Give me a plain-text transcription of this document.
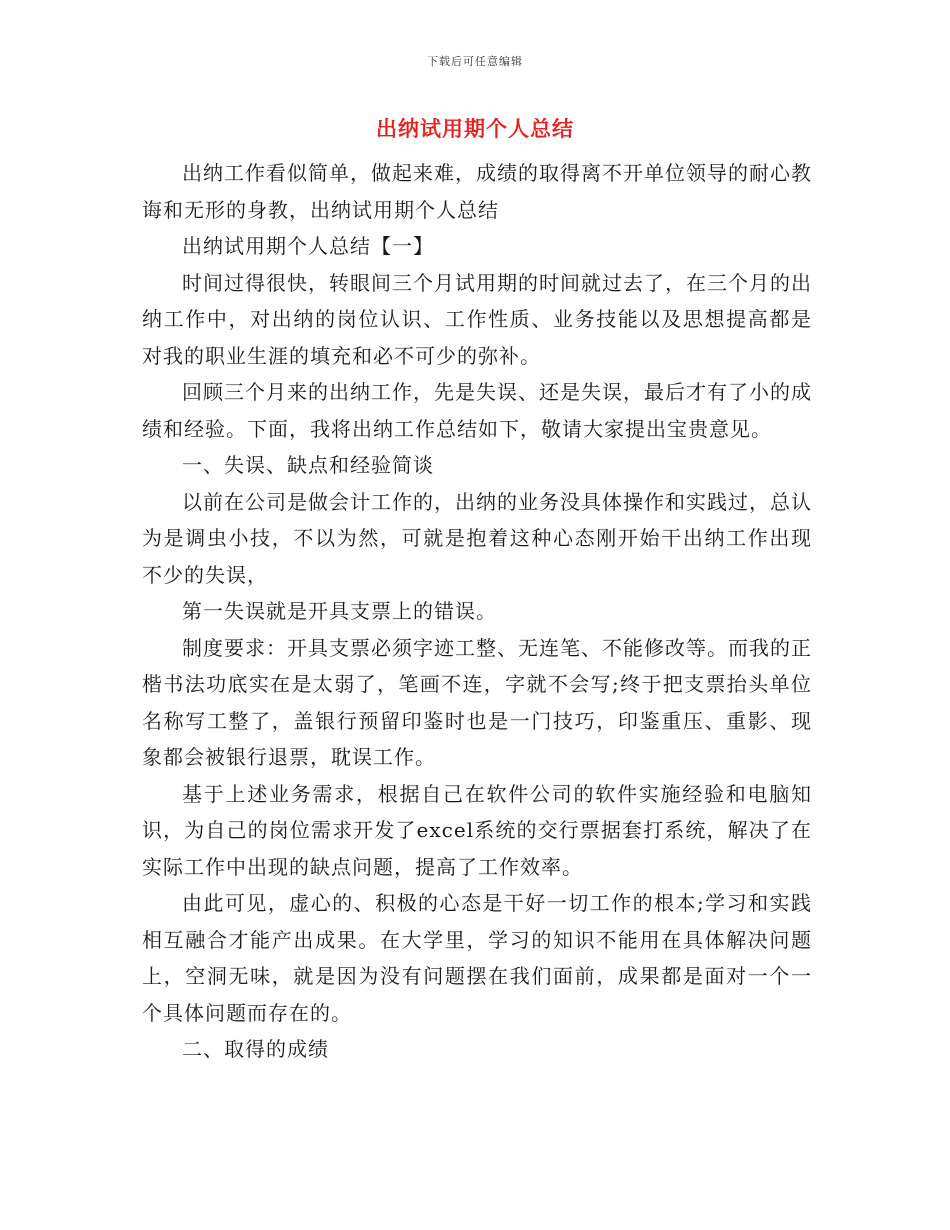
下载后可任意编辑
出纳试用期个人总结

出纳工作看似简单，做起来难，成绩的取得离不开单位领导的耐心教诲和无形的身教，出纳试用期个人总结

出纳试用期个人总结【一】

时间过得很快，转眼间三个月试用期的时间就过去了，在三个月的出纳工作中，对出纳的岗位认识、工作性质、业务技能以及思想提高都是对我的职业生涯的填充和必不可少的弥补。

回顾三个月来的出纳工作，先是失误、还是失误，最后才有了小的成绩和经验。下面，我将出纳工作总结如下，敬请大家提出宝贵意见。

一、失误、缺点和经验简谈

以前在公司是做会计工作的，出纳的业务没具体操作和实践过，总认为是调虫小技，不以为然，可就是抱着这种心态刚开始干出纳工作出现不少的失误，

第一失误就是开具支票上的错误。

制度要求：开具支票必须字迹工整、无连笔、不能修改等。而我的正楷书法功底实在是太弱了，笔画不连，字就不会写;终于把支票抬头单位名称写工整了，盖银行预留印鉴时也是一门技巧，印鉴重压、重影、现象都会被银行退票，耽误工作。

基于上述业务需求，根据自己在软件公司的软件实施经验和电脑知识，为自己的岗位需求开发了excel系统的交行票据套打系统，解决了在实际工作中出现的缺点问题，提高了工作效率。

由此可见，虚心的、积极的心态是干好一切工作的根本;学习和实践相互融合才能产出成果。在大学里，学习的知识不能用在具体解决问题上，空洞无味，就是因为没有问题摆在我们面前，成果都是面对一个一个具体问题而存在的。

二、取得的成绩
